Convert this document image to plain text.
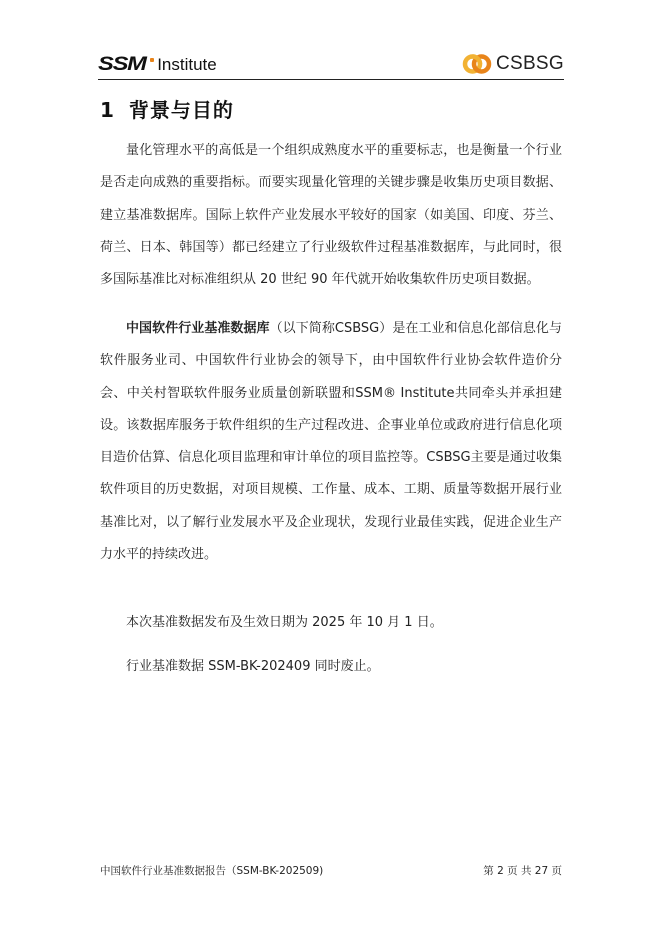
SSM Institute	CSBSG
1 背景与目的

量化管理水平的高低是一个组织成熟度水平的重要标志，也是衡量一个行业是否走向成熟的重要指标。而要实现量化管理的关键步骤是收集历史项目数据、建立基准数据库。国际上软件产业发展水平较好的国家（如美国、印度、芬兰、荷兰、日本、韩国等）都已经建立了行业级软件过程基准数据库，与此同时，很多国际基准比对标准组织从 20 世纪 90 年代就开始收集软件历史项目数据。

中国软件行业基准数据库（以下简称CSBSG）是在工业和信息化部信息化与软件服务业司、中国软件行业协会的领导下，由中国软件行业协会软件造价分会、中关村智联软件服务业质量创新联盟和SSM® Institute共同牵头并承担建设。该数据库服务于软件组织的生产过程改进、企事业单位或政府进行信息化项目造价估算、信息化项目监理和审计单位的项目监控等。CSBSG主要是通过收集软件项目的历史数据，对项目规模、工作量、成本、工期、质量等数据开展行业基准比对，以了解行业发展水平及企业现状，发现行业最佳实践，促进企业生产力水平的持续改进。

本次基准数据发布及生效日期为 2025 年 10 月 1 日。
行业基准数据 SSM-BK-202409 同时废止。
中国软件行业基准数据报告（SSM-BK-202509)	第 2 页 共 27 页
